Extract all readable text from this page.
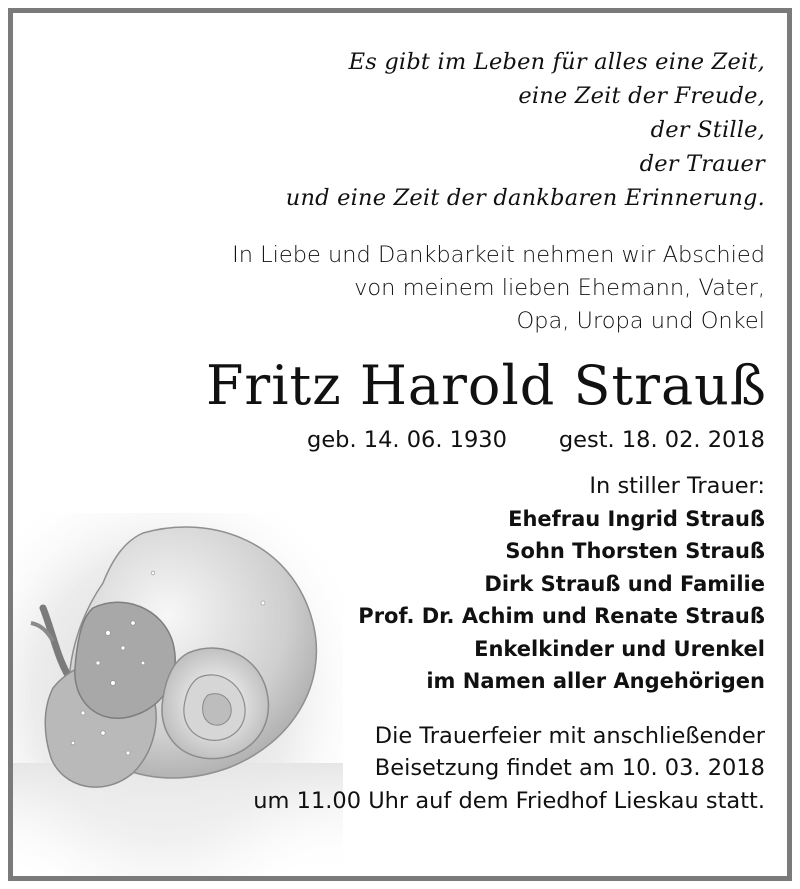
Es gibt im Leben für alles eine Zeit,
eine Zeit der Freude,
der Stille,
der Trauer
und eine Zeit der dankbaren Erinnerung.
In Liebe und Dankbarkeit nehmen wir Abschied
von meinem lieben Ehemann, Vater,
Opa, Uropa und Onkel
Fritz Harold Strauß
geb. 14. 06. 1930 gest. 18. 02. 2018
In stiller Trauer:
Ehefrau Ingrid Strauß
Sohn Thorsten Strauß
Dirk Strauß und Familie
Prof. Dr. Achim und Renate Strauß
Enkelkinder und Urenkel
im Namen aller Angehörigen
Die Trauerfeier mit anschließender
Beisetzung findet am 10. 03. 2018
um 11.00 Uhr auf dem Friedhof Lieskau statt.
